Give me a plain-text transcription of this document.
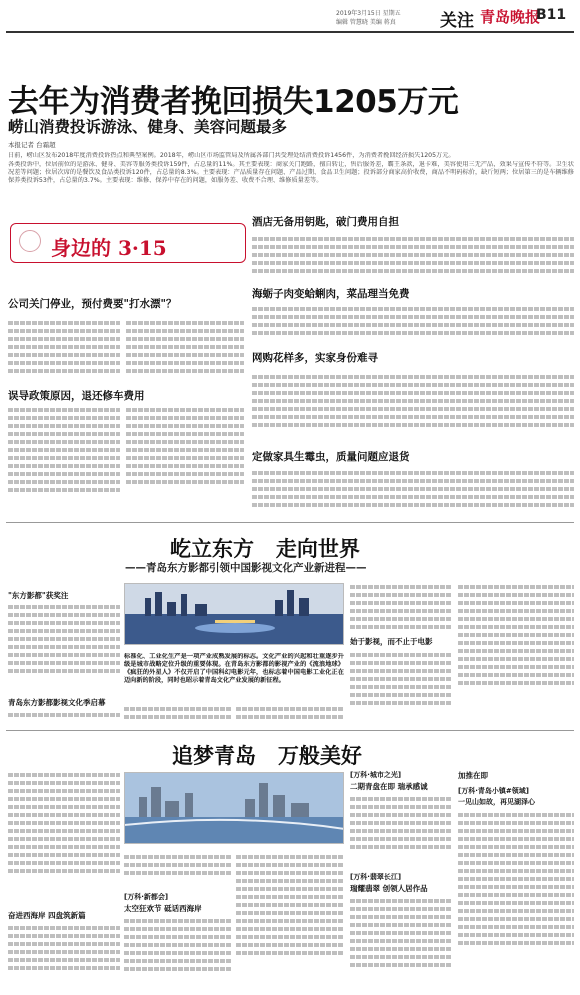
2019年3月15日 星期五
编辑 管慧晓 美编 蒋真	关注 青岛晚报
B11
去年为消费者挽回损失1205万元
崂山消费投诉游泳、健身、美容问题最多
本报记者 台霜超
日前，崂山区发布2018年度消费投诉热点和典型案例。2018年，崂山区市场监管局及所属各部门共受理处结消费投诉1456件，为消费者挽回经济损失1205万元。
各类投诉中，位居前位的是游泳、健身、美容等服务类投诉159件，占总量的11%。其主要表现：商家关门跑路，擅自转让，售后服务差，霸王条款，退卡难，美容使用三无产品，效果与宣传不符等。卫生状况差等问题；位居次席的是餐饮及食品类投诉120件，占总量的8.3%。主要表现：产品质量存在问题、产品过期、食品卫生问题；投诉部分商家高价收费，商品不明码标价，缺斤短两；位居第三的是车辆维修保养类投诉53件，占总量的3.7%。主要表现：维修、保养中存在的问题，如服务差、收费不合理、维修质量差等。
身边的 3·15
公司关门停业，预付费要"打水漂"？
误导政策原因，退还修车费用
酒店无备用钥匙，破门费用自担
海蛎子肉变蛤蜊肉，菜品理当免费
网购花样多，实家身份难寻
定做家具生霉虫，质量问题应退货
屹立东方   走向世界
——青岛东方影都引领中国影视文化产业新进程——
"东方影都"获奖注
青岛东方影都影视文化季启幕
标准化、工业化生产是一项产业成熟发展的标志。文化产业的兴起和壮重逐步升级是城市战略定位升级的重要体现。在青岛东方影都的影视产业的《流浪地球》《疯狂的外星人》不仅开启了中国科幻电影元年，也标志着中国电影工业化正在迈向新的阶段，同时也昭示着青岛文化产业发展的新征程。
始于影视，而不止于电影
追梦青岛   万般美好
奋进西海岸 四盘筑新篇
[万科·新都会]
太空狂欢节 砥话西海岸
[万科·城市之光]
二期青盘在即 瑞承感诚
[万科·翡翠长江]
瑞耀翡翠 创领人居作品
加推在即
[万科·青岛小镇#领域]
一见山如故，再见湖泽心
